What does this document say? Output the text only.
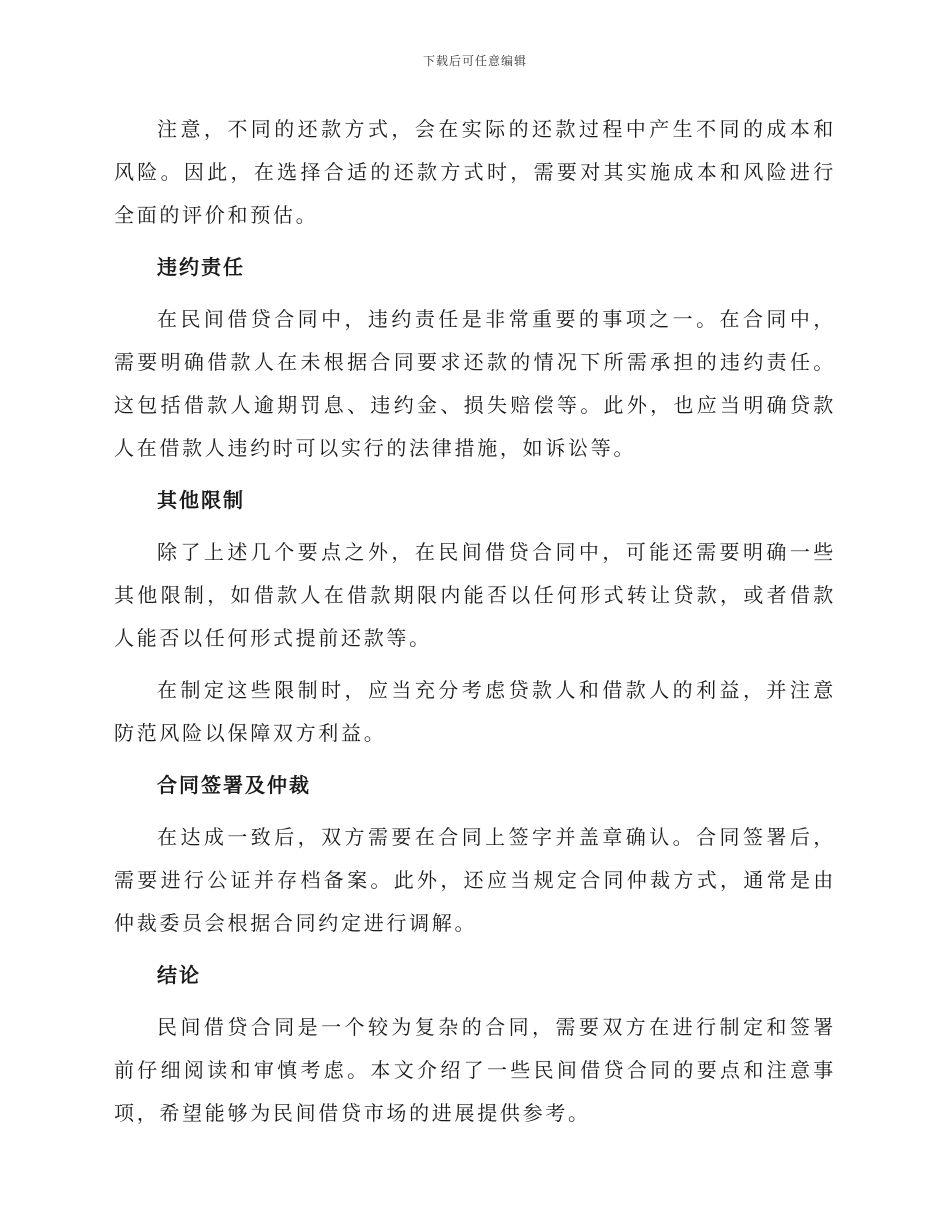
下载后可任意编辑

注意，不同的还款方式，会在实际的还款过程中产生不同的成本和风险。因此，在选择合适的还款方式时，需要对其实施成本和风险进行全面的评价和预估。

违约责任

在民间借贷合同中，违约责任是非常重要的事项之一。在合同中，需要明确借款人在未根据合同要求还款的情况下所需承担的违约责任。这包括借款人逾期罚息、违约金、损失赔偿等。此外，也应当明确贷款人在借款人违约时可以实行的法律措施，如诉讼等。

其他限制

除了上述几个要点之外，在民间借贷合同中，可能还需要明确一些其他限制，如借款人在借款期限内能否以任何形式转让贷款，或者借款人能否以任何形式提前还款等。

在制定这些限制时，应当充分考虑贷款人和借款人的利益，并注意防范风险以保障双方利益。

合同签署及仲裁

在达成一致后，双方需要在合同上签字并盖章确认。合同签署后，需要进行公证并存档备案。此外，还应当规定合同仲裁方式，通常是由仲裁委员会根据合同约定进行调解。

结论

民间借贷合同是一个较为复杂的合同，需要双方在进行制定和签署前仔细阅读和审慎考虑。本文介绍了一些民间借贷合同的要点和注意事项，希望能够为民间借贷市场的进展提供参考。
